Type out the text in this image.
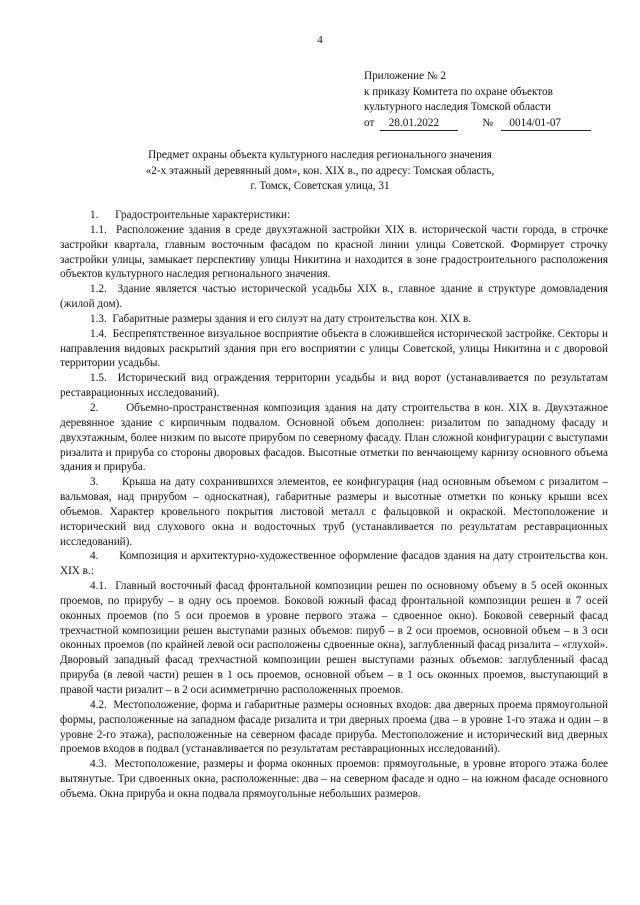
4
Приложение № 2
к приказу Комитета по охране объектов
культурного наследия Томской области
от 28.01.2022	№ 0014/01-07
Предмет охраны объекта культурного наследия регионального значения
«2-х этажный деревянный дом», кон. XIX в., по адресу: Томская область,
г. Томск, Советская улица, 31

1.      Градостроительные характеристики:

1.1.  Расположение здания в среде двухэтажной застройки XIX в. исторической части города, в строчке застройки квартала, главным восточным фасадом по красной линии улицы Советской. Формирует строчку застройки улицы, замыкает перспективу улицы Никитина и находится в зоне градостроительного расположения объектов культурного наследия регионального значения.

1.2.  Здание является частью исторической усадьбы XIX в., главное здание в структуре домовладения (жилой дом).

1.3.  Габаритные размеры здания и его силуэт на дату строительства кон. XIX в.

1.4.  Беспрепятственное визуальное восприятие объекта в сложившейся исторической застройке. Секторы и направления видовых раскрытий здания при его восприятии с улицы Советской, улицы Никитина и с дворовой территории усадьбы.

1.5.  Исторический вид ограждения территории усадьбы и вид ворот (устанавливается по результатам реставрационных исследований).

2.      Объемно-пространственная композиция здания на дату строительства в кон. XIX в. Двухэтажное деревянное здание с кирпичным подвалом. Основной объем дополнен: ризалитом по западному фасаду и двухэтажным, более низким по высоте прирубом по северному фасаду. План сложной конфигурации с выступами ризалита и прируба со стороны дворовых фасадов. Высотные отметки по венчающему карнизу основного объема здания и прируба.

3.      Крыша на дату сохранившихся элементов, ее конфигурация (над основным объемом с ризалитом – вальмовая, над прирубом – односкатная), габаритные размеры и высотные отметки по коньку крыши всех объемов. Характер кровельного покрытия листовой металл с фальцовкой и окраской. Местоположение и исторический вид слухового окна и водосточных труб (устанавливается по результатам реставрационных исследований).

4.      Композиция и архитектурно-художественное оформление фасадов здания на дату строительства кон. XIX в.:

4.1.  Главный восточный фасад фронтальной композиции решен по основному объему в 5 осей оконных проемов, по прирубу – в одну ось проемов. Боковой южный фасад фронтальной композиции решен в 7 осей оконных проемов (по 5 оси проемов в уровне первого этажа – сдвоенное окно). Боковой северный фасад трехчастной композиции решен выступами разных объемов: пируб – в 2 оси проемов, основной объем – в 3 оси оконных проемов (по крайней левой оси расположены сдвоенные окна), заглубленный фасад ризалита – «глухой». Дворовый западный фасад трехчастной композиции решен выступами разных объемов: заглубленный фасад прируба (в левой части) решен в 1 ось проемов, основной объем – в 1 ось оконных проемов, выступающий в правой части ризалит – в 2 оси асимметрично расположенных проемов.

4.2.  Местоположение, форма и габаритные размеры основных входов: два дверных проема прямоугольной формы, расположенные на западном фасаде ризалита и три дверных проема (два – в уровне 1-го этажа и один – в уровне 2-го этажа), расположенные на северном фасаде прируба. Местоположение и исторический вид дверных проемов входов в подвал (устанавливается по результатам реставрационных исследований).

4.3.  Местоположение, размеры и форма оконных проемов: прямоугольные, в уровне второго этажа более вытянутые. Три сдвоенных окна, расположенные: два – на северном фасаде и одно – на южном фасаде основного объема. Окна прируба и окна подвала прямоугольные небольших размеров.
